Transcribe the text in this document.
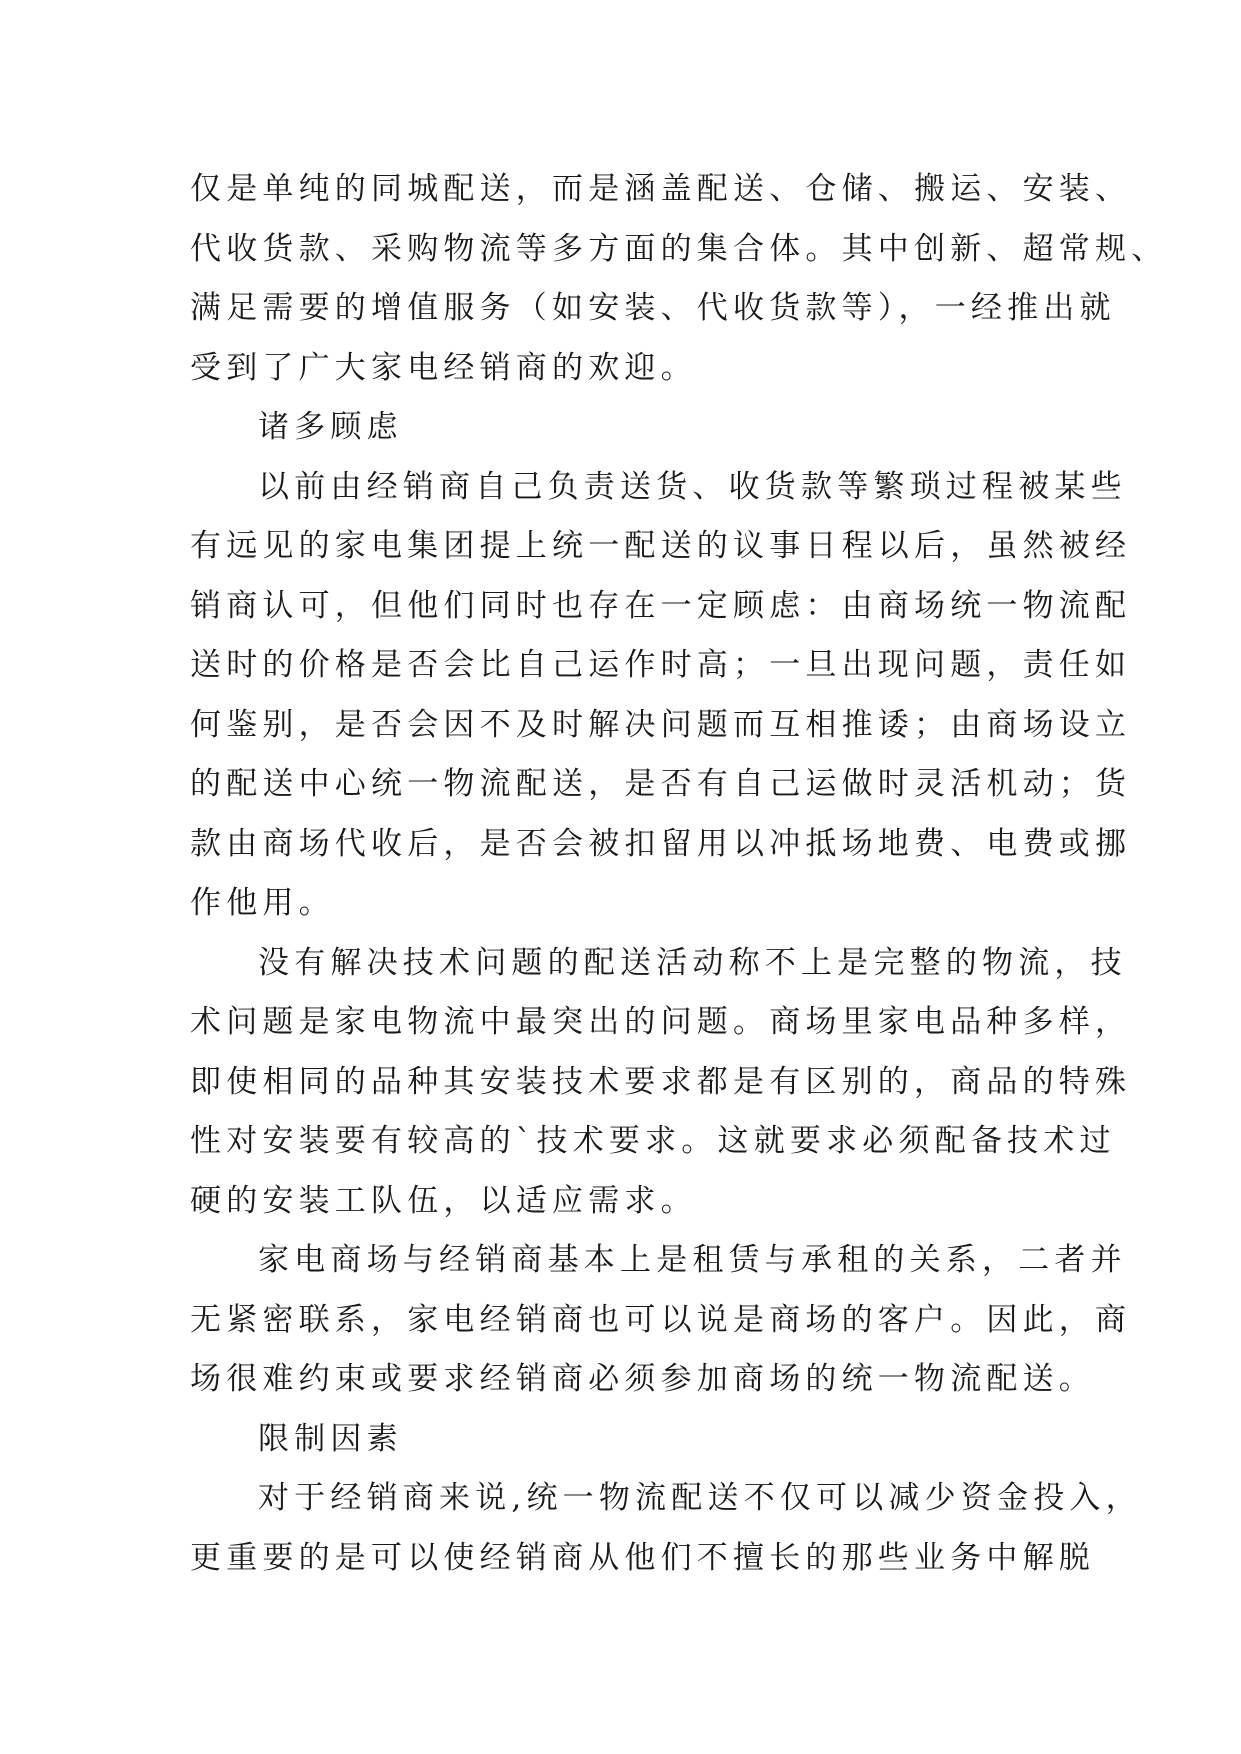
仅是单纯的同城配送，而是涵盖配送、仓储、搬运、安装、
代收货款、采购物流等多方面的集合体。其中创新、超常规、
满足需要的增值服务（如安装、代收货款等），一经推出就
受到了广大家电经销商的欢迎。
诸多顾虑
以前由经销商自己负责送货、收货款等繁琐过程被某些
有远见的家电集团提上统一配送的议事日程以后，虽然被经
销商认可，但他们同时也存在一定顾虑：由商场统一物流配
送时的价格是否会比自己运作时高；一旦出现问题，责任如
何鉴别，是否会因不及时解决问题而互相推诿；由商场设立
的配送中心统一物流配送，是否有自己运做时灵活机动；货
款由商场代收后，是否会被扣留用以冲抵场地费、电费或挪
作他用。
没有解决技术问题的配送活动称不上是完整的物流，技
术问题是家电物流中最突出的问题。商场里家电品种多样，
即使相同的品种其安装技术要求都是有区别的，商品的特殊
性对安装要有较高的`技术要求。这就要求必须配备技术过
硬的安装工队伍，以适应需求。
家电商场与经销商基本上是租赁与承租的关系，二者并
无紧密联系，家电经销商也可以说是商场的客户。因此，商
场很难约束或要求经销商必须参加商场的统一物流配送。
限制因素
对于经销商来说,统一物流配送不仅可以减少资金投入，
更重要的是可以使经销商从他们不擅长的那些业务中解脱
